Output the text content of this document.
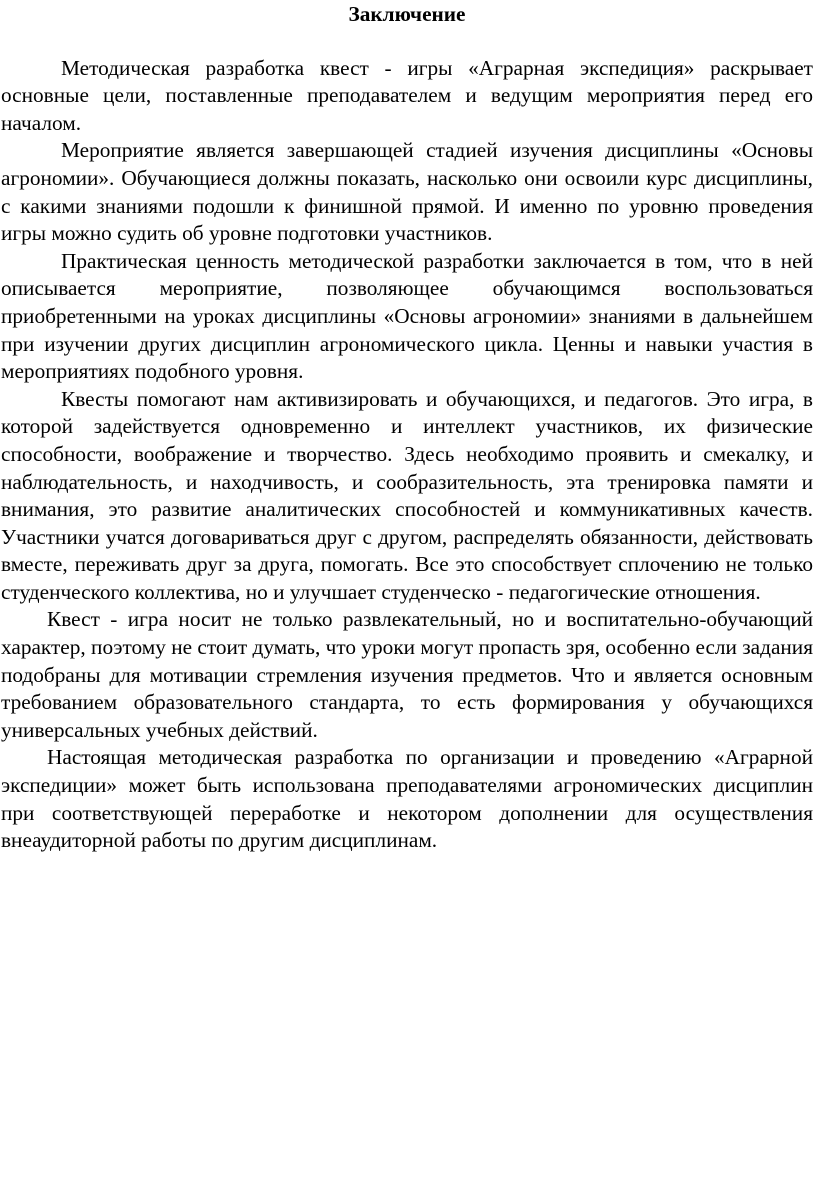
Заключение

Методическая разработка квест - игры «Аграрная экспедиция» раскрывает основные цели, поставленные преподавателем и ведущим мероприятия перед его началом.

Мероприятие является завершающей стадией изучения дисциплины «Основы агрономии». Обучающиеся должны показать, насколько они освоили курс дисциплины, с какими знаниями подошли к финишной прямой. И именно по уровню проведения игры можно судить об уровне подготовки участников.

Практическая ценность методической разработки заключается в том, что в ней описывается мероприятие, позволяющее обучающимся воспользоваться приобретенными на уроках дисциплины «Основы агрономии» знаниями в дальнейшем при изучении других дисциплин агрономического цикла. Ценны и навыки участия в мероприятиях подобного уровня.

Квесты помогают нам активизировать и обучающихся, и педагогов. Это игра, в которой задействуется одновременно и интеллект участников, их физические способности, воображение и творчество. Здесь необходимо проявить и смекалку, и наблюдательность, и находчивость, и сообразительность, эта тренировка памяти и внимания, это развитие аналитических способностей и коммуникативных качеств. Участники учатся договариваться друг с другом, распределять обязанности, действовать вместе, переживать друг за друга, помогать. Все это способствует сплочению не только студенческого коллектива, но и улучшает студенческо - педагогические отношения.

Квест - игра носит не только развлекательный, но и воспитательно-обучающий характер, поэтому не стоит думать, что уроки могут пропасть зря, особенно если задания подобраны для мотивации стремления изучения предметов. Что и является основным требованием образовательного стандарта, то есть формирования у обучающихся универсальных учебных действий.

Настоящая методическая разработка по организации и проведению «Аграрной экспедиции» может быть использована преподавателями агрономических дисциплин при соответствующей переработке и некотором дополнении для осуществления внеаудиторной работы по другим дисциплинам.
